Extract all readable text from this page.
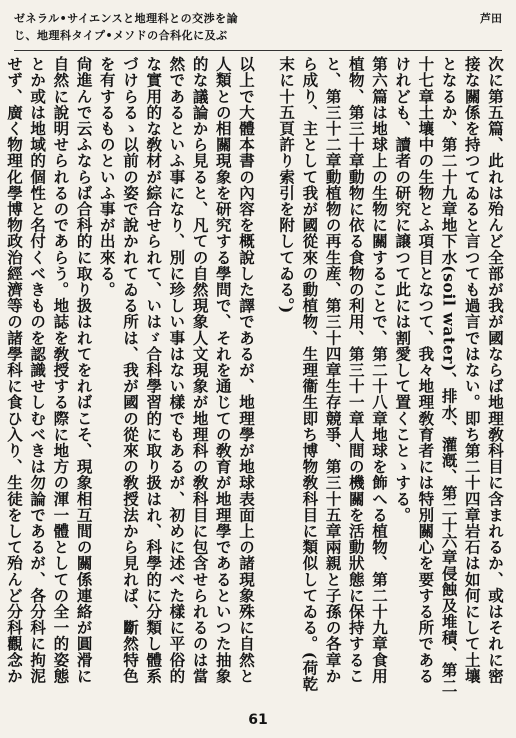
ゼネラル•サイエンスと地理科との交渉を論
じ、地理科タイプ•メソドの合科化に及ぶ
芦田

次に第五篇、此れは殆んど全部が我が國ならば地理敎科目に含まれるか、或はそれに密接な關係を持つてゐると言つても過言ではない。即ち第二十四章岩石は如何にして土壤となるか、第二十九章地下水(soil water)、排水、灌漑、第二十六章侵蝕及堆積、第二十七章土壤中の生物とふ項目となつて、我々地理敎育者には特別關心を要する所であるけれども、讀者の研究に譲つて此には割愛して置くことゝする。

第六篇は地球上の生物に關することで、第二十八章地球を飾へる植物、第二十九章食用植物、第三十章動物に依る食物の利用、第三十一章人間の機關を活動狀態に保持すること、第三十二章動植物の再生産、第三十四章生存競爭、第三十五章兩親と子孫の各章から成り、主として我が國從來の動植物、生理衞生即ち博物敎科目に類似してゐる。(荷乾末に十五頁許り索引を附してゐる。)

以上で大體本書の內容を概說した譯であるが、地理學が地球表面上の諸現象殊に自然と人類との相關現象を研究する學問で、それを通じての敎育が地理學であるといつた抽象的な議論から見ると、凡ての自然現象人文現象が地理科の敎科目に包含せられるのは當然であるといふ事になり、別に珍しい事はない樣でもあるが、初めに述べた樣に平俗的な實用的な敎材が綜合せられて、いはゞ合科學習的に取り扱はれ、科學的に分類し體系づけらるゝ以前の姿で說かれてゐる所は、我が國の從來の敎授法から見れば、斷然特色を有するものといふ事が出來る。

尙進んで云ふならば合科的に取り扱はれてをればこそ、現象相互間の關係連絡が圓滑に自然に說明せられるのであらう。地誌を敎授する際に地方の渾一體としての全一的姿態とか或は地域的個性と名付くべきものを認識せしむべきは勿論であるが、各分科に拘泥せず、廣く物理化學博物政治經濟等の諸學科に食ひ入り、生徒をして殆んど分科觀念か

61
